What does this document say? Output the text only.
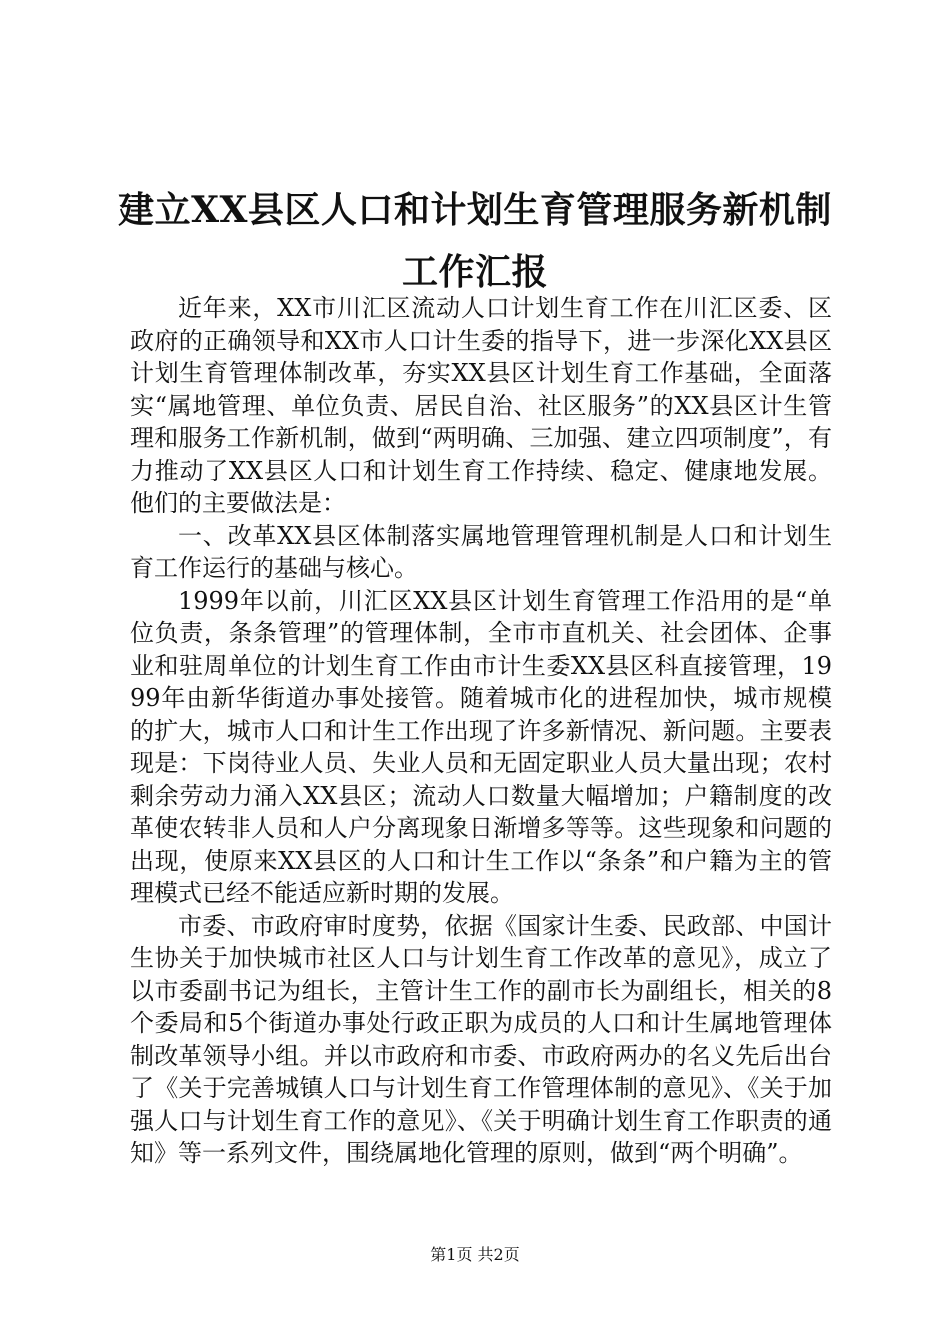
建立XX县区人口和计划生育管理服务新机制
工作汇报

近年来，XX市川汇区流动人口计划生育工作在川汇区委、区政府的正确领导和XX市人口计生委的指导下，进一步深化XX县区计划生育管理体制改革，夯实XX县区计划生育工作基础，全面落实“属地管理、单位负责、居民自治、社区服务”的XX县区计生管理和服务工作新机制，做到“两明确、三加强、建立四项制度”，有力推动了XX县区人口和计划生育工作持续、稳定、健康地发展。他们的主要做法是：

一、改革XX县区体制落实属地管理管理机制是人口和计划生育工作运行的基础与核心。

1999年以前，川汇区XX县区计划生育管理工作沿用的是“单位负责，条条管理”的管理体制，全市市直机关、社会团体、企事业和驻周单位的计划生育工作由市计生委XX县区科直接管理，1999年由新华街道办事处接管。随着城市化的进程加快，城市规模的扩大，城市人口和计生工作出现了许多新情况、新问题。主要表现是：下岗待业人员、失业人员和无固定职业人员大量出现；农村剩余劳动力涌入XX县区；流动人口数量大幅增加；户籍制度的改革使农转非人员和人户分离现象日渐增多等等。这些现象和问题的出现，使原来XX县区的人口和计生工作以“条条”和户籍为主的管理模式已经不能适应新时期的发展。

市委、市政府审时度势，依据《国家计生委、民政部、中国计生协关于加快城市社区人口与计划生育工作改革的意见》，成立了以市委副书记为组长，主管计生工作的副市长为副组长，相关的8个委局和5个街道办事处行政正职为成员的人口和计生属地管理体制改革领导小组。并以市政府和市委、市政府两办的名义先后出台了《关于完善城镇人口与计划生育工作管理体制的意见》、《关于加强人口与计划生育工作的意见》、《关于明确计划生育工作职责的通知》等一系列文件，围绕属地化管理的原则，做到“两个明确”。

第1页 共2页
